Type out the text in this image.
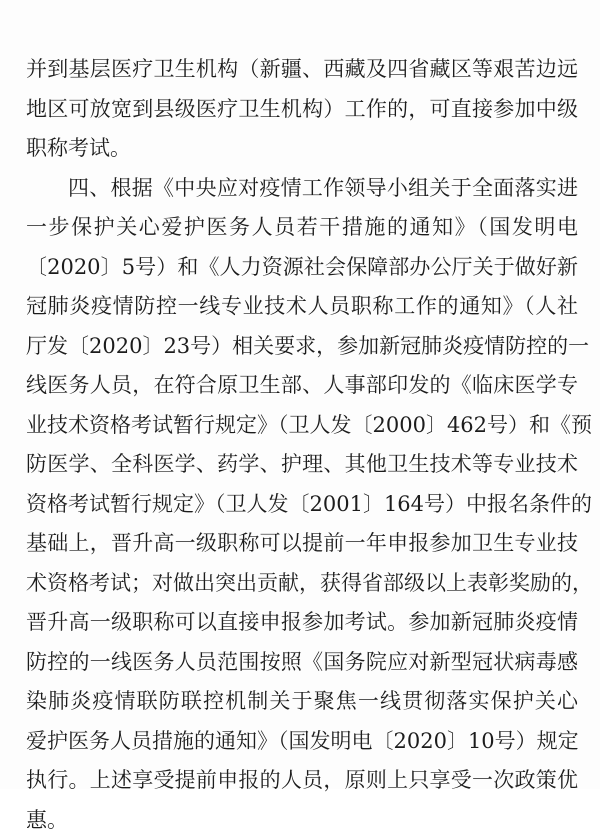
并到基层医疗卫生机构（新疆、西藏及四省藏区等艰苦边远
地区可放宽到县级医疗卫生机构）工作的，可直接参加中级
职称考试。
四、根据《中央应对疫情工作领导小组关于全面落实进
一步保护关心爱护医务人员若干措施的通知》（国发明电
〔2020〕5号）和《人力资源社会保障部办公厅关于做好新
冠肺炎疫情防控一线专业技术人员职称工作的通知》（人社
厅发〔2020〕23号）相关要求，参加新冠肺炎疫情防控的一
线医务人员，在符合原卫生部、人事部印发的《临床医学专
业技术资格考试暂行规定》（卫人发〔2000〕462号）和《预
防医学、全科医学、药学、护理、其他卫生技术等专业技术
资格考试暂行规定》（卫人发〔2001〕164号）中报名条件的
基础上，晋升高一级职称可以提前一年申报参加卫生专业技
术资格考试；对做出突出贡献，获得省部级以上表彰奖励的，
晋升高一级职称可以直接申报参加考试。参加新冠肺炎疫情
防控的一线医务人员范围按照《国务院应对新型冠状病毒感
染肺炎疫情联防联控机制关于聚焦一线贯彻落实保护关心
爱护医务人员措施的通知》（国发明电〔2020〕10号）规定
执行。上述享受提前申报的人员，原则上只享受一次政策优
惠。
